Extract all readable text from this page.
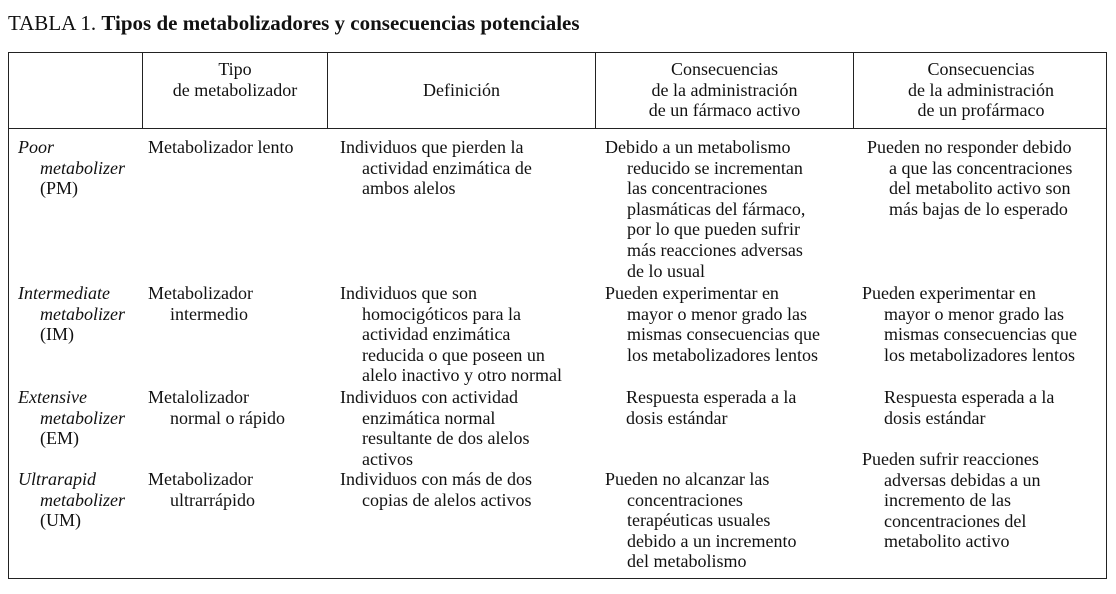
TABLA 1. Tipos de metabolizadores y consecuencias potenciales
Tipo
de metabolizador	Definición
Consecuencias
de la administración
de un fármaco activo
Consecuencias
de la administración
de un profármaco
Poor
metabolizer
(PM)
Metabolizador lento	Individuos que pierden la
actividad enzimática de
ambos alelos
Debido a un metabolismo
reducido se incrementan
las concentraciones
plasmáticas del fármaco,
por lo que pueden sufrir
más reacciones adversas
de lo usual
Pueden no responder debido
a que las concentraciones
del metabolito activo son
más bajas de lo esperado
Intermediate
metabolizer
(IM)
Metabolizador
intermedio
Individuos que son
homocigóticos para la
actividad enzimática
reducida o que poseen un
alelo inactivo y otro normal
Pueden experimentar en
mayor o menor grado las
mismas consecuencias que
los metabolizadores lentos
Pueden experimentar en
mayor o menor grado las
mismas consecuencias que
los metabolizadores lentos
Extensive
metabolizer
(EM)
Metalolizador
normal o rápido
Individuos con actividad
enzimática normal
resultante de dos alelos
activos
Respuesta esperada a la
dosis estándar
Respuesta esperada a la
dosis estándar
Ultrarapid
metabolizer
(UM)
Metabolizador
ultrarrápido
Individuos con más de dos
copias de alelos activos
Pueden no alcanzar las
concentraciones
terapéuticas usuales
debido a un incremento
del metabolismo
Pueden sufrir reacciones
adversas debidas a un
incremento de las
concentraciones del
metabolito activo
